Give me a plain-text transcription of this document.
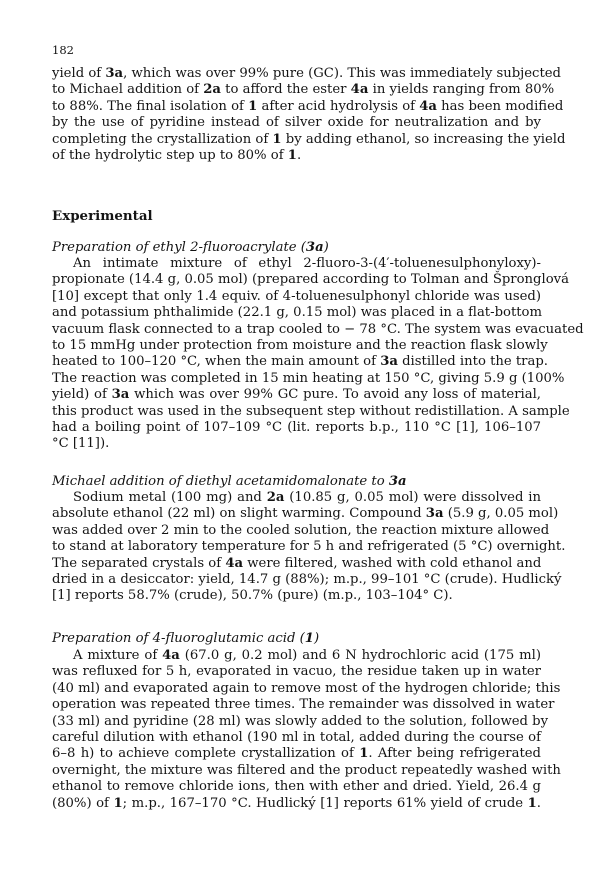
182
yield of 3a, which was over 99% pure (GC). This was immediately subjected
to Michael addition of 2a to afford the ester 4a in yields ranging from 80%
to 88%. The final isolation of 1 after acid hydrolysis of 4a has been modified
by the use of pyridine instead of silver oxide for neutralization and by
completing the crystallization of 1 by adding ethanol, so increasing the yield
of the hydrolytic step up to 80% of 1.
Experimental
Preparation of ethyl 2-fluoroacrylate (3a)
An intimate mixture of ethyl 2-fluoro-3-(4′-toluenesulphonyloxy)-
propionate (14.4 g, 0.05 mol) (prepared according to Tolman and Špronglová
[10] except that only 1.4 equiv. of 4-toluenesulphonyl chloride was used)
and potassium phthalimide (22.1 g, 0.15 mol) was placed in a flat-bottom
vacuum flask connected to a trap cooled to − 78 °C. The system was evacuated
to 15 mmHg under protection from moisture and the reaction flask slowly
heated to 100–120 °C, when the main amount of 3a distilled into the trap.
The reaction was completed in 15 min heating at 150 °C, giving 5.9 g (100%
yield) of 3a which was over 99% GC pure. To avoid any loss of material,
this product was used in the subsequent step without redistillation. A sample
had a boiling point of 107–109 °C (lit. reports b.p., 110 °C [1], 106–107
°C [11]).
Michael addition of diethyl acetamidomalonate to 3a
Sodium metal (100 mg) and 2a (10.85 g, 0.05 mol) were dissolved in
absolute ethanol (22 ml) on slight warming. Compound 3a (5.9 g, 0.05 mol)
was added over 2 min to the cooled solution, the reaction mixture allowed
to stand at laboratory temperature for 5 h and refrigerated (5 °C) overnight.
The separated crystals of 4a were filtered, washed with cold ethanol and
dried in a desiccator: yield, 14.7 g (88%); m.p., 99–101 °C (crude). Hudlický
[1] reports 58.7% (crude), 50.7% (pure) (m.p., 103–104° C).
Preparation of 4-fluoroglutamic acid (1)
A mixture of 4a (67.0 g, 0.2 mol) and 6 N hydrochloric acid (175 ml)
was refluxed for 5 h, evaporated in vacuo, the residue taken up in water
(40 ml) and evaporated again to remove most of the hydrogen chloride; this
operation was repeated three times. The remainder was dissolved in water
(33 ml) and pyridine (28 ml) was slowly added to the solution, followed by
careful dilution with ethanol (190 ml in total, added during the course of
6–8 h) to achieve complete crystallization of 1. After being refrigerated
overnight, the mixture was filtered and the product repeatedly washed with
ethanol to remove chloride ions, then with ether and dried. Yield, 26.4 g
(80%) of 1; m.p., 167–170 °C. Hudlický [1] reports 61% yield of crude 1.
